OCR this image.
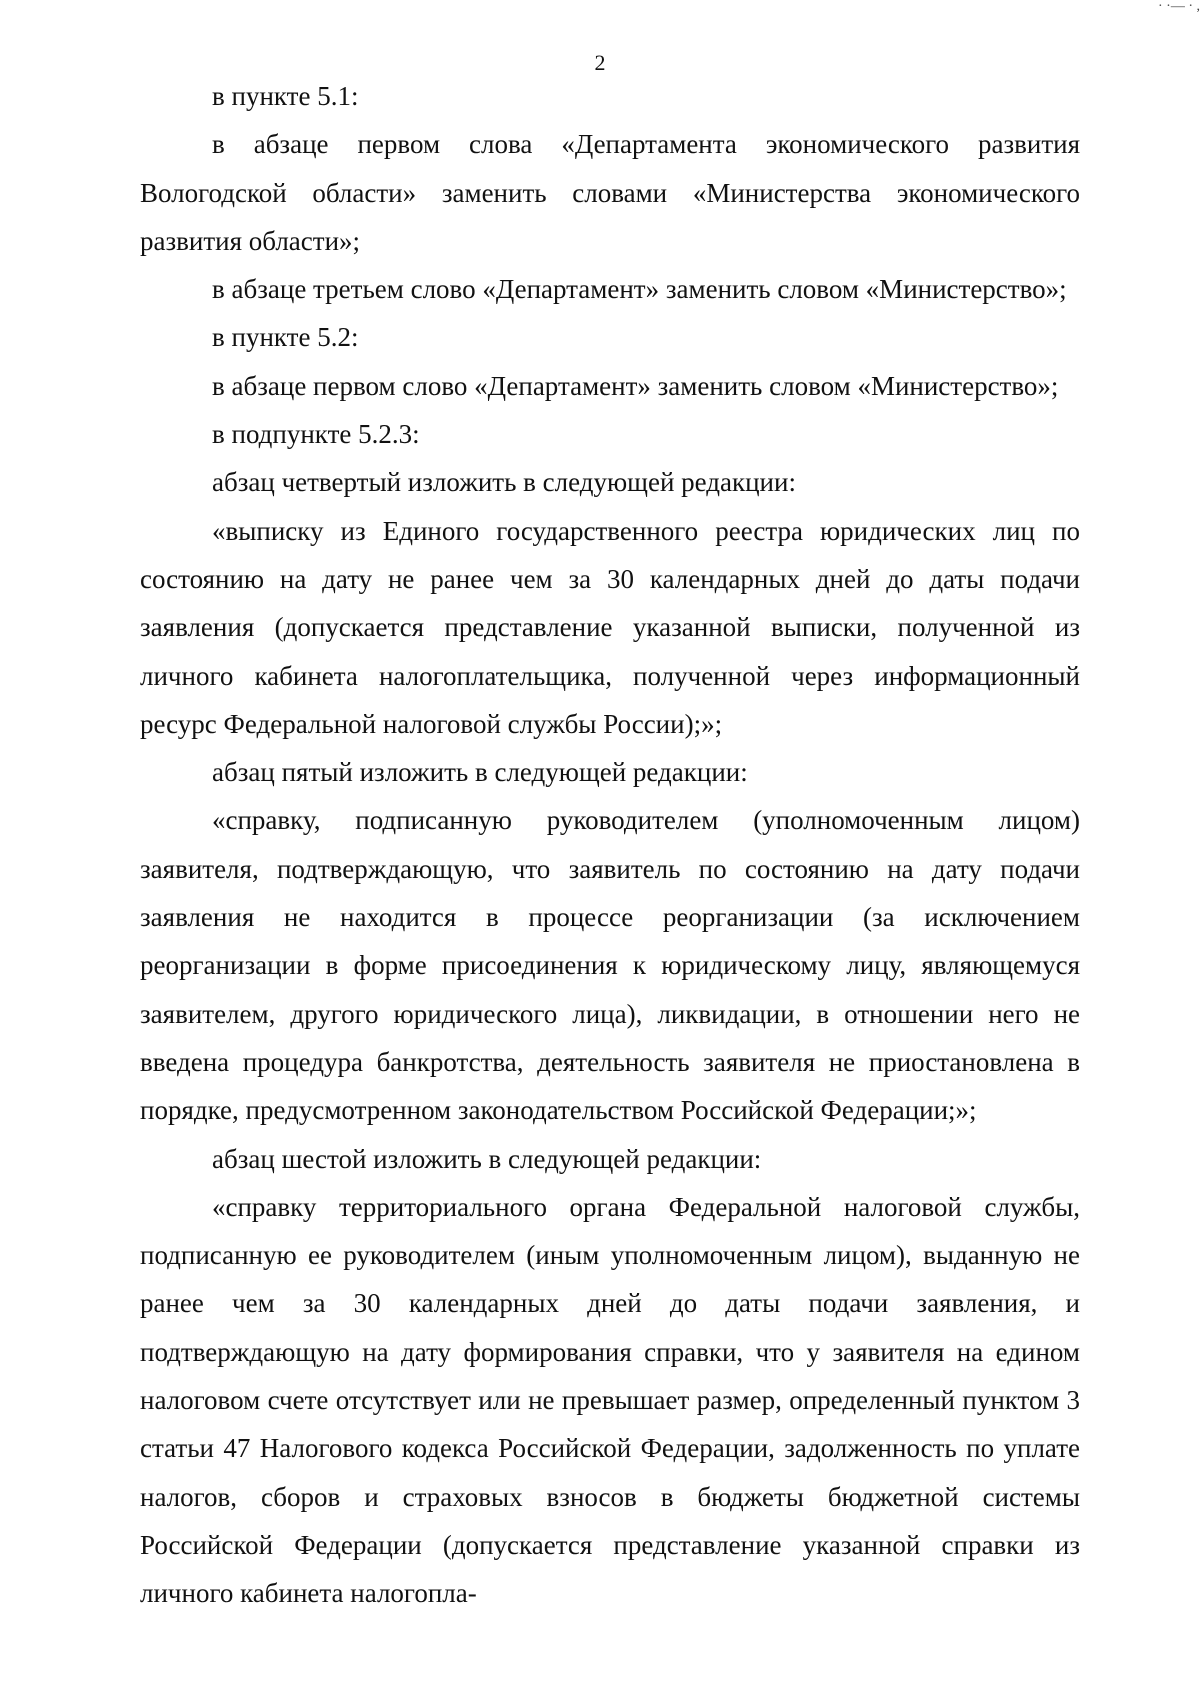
· ·— · ,
2

в пункте 5.1:

в абзаце первом слова «Департамента экономического развития Вологодской области» заменить словами «Министерства экономического развития области»;

в абзаце третьем слово «Департамент» заменить словом «Министерство»;

в пункте 5.2:

в абзаце первом слово «Департамент» заменить словом «Министерство»;

в подпункте 5.2.3:

абзац четвертый изложить в следующей редакции:

«выписку из Единого государственного реестра юридических лиц по состоянию на дату не ранее чем за 30 календарных дней до даты подачи заявления (допускается представление указанной выписки, полученной из личного кабинета налогоплательщика, полученной через информационный ресурс Федеральной налоговой службы России);»;

абзац пятый изложить в следующей редакции:

«справку, подписанную руководителем (уполномоченным лицом) заявителя, подтверждающую, что заявитель по состоянию на дату подачи заявления не находится в процессе реорганизации (за исключением реорганизации в форме присоединения к юридическому лицу, являющемуся заявителем, другого юридического лица), ликвидации, в отношении него не введена процедура банкротства, деятельность заявителя не приостановлена в порядке, предусмотренном законодательством Российской Федерации;»;

абзац шестой изложить в следующей редакции:

«справку территориального органа Федеральной налоговой службы, подписанную ее руководителем (иным уполномоченным лицом), выданную не ранее чем за 30 календарных дней до даты подачи заявления, и подтверждающую на дату формирования справки, что у заявителя на едином налоговом счете отсутствует или не превышает размер, определенный пунктом 3 статьи 47 Налогового кодекса Российской Федерации, задолженность по уплате налогов, сборов и страховых взносов в бюджеты бюджетной системы Российской Федерации (допускается представление указанной справки из личного кабинета налогопла-
